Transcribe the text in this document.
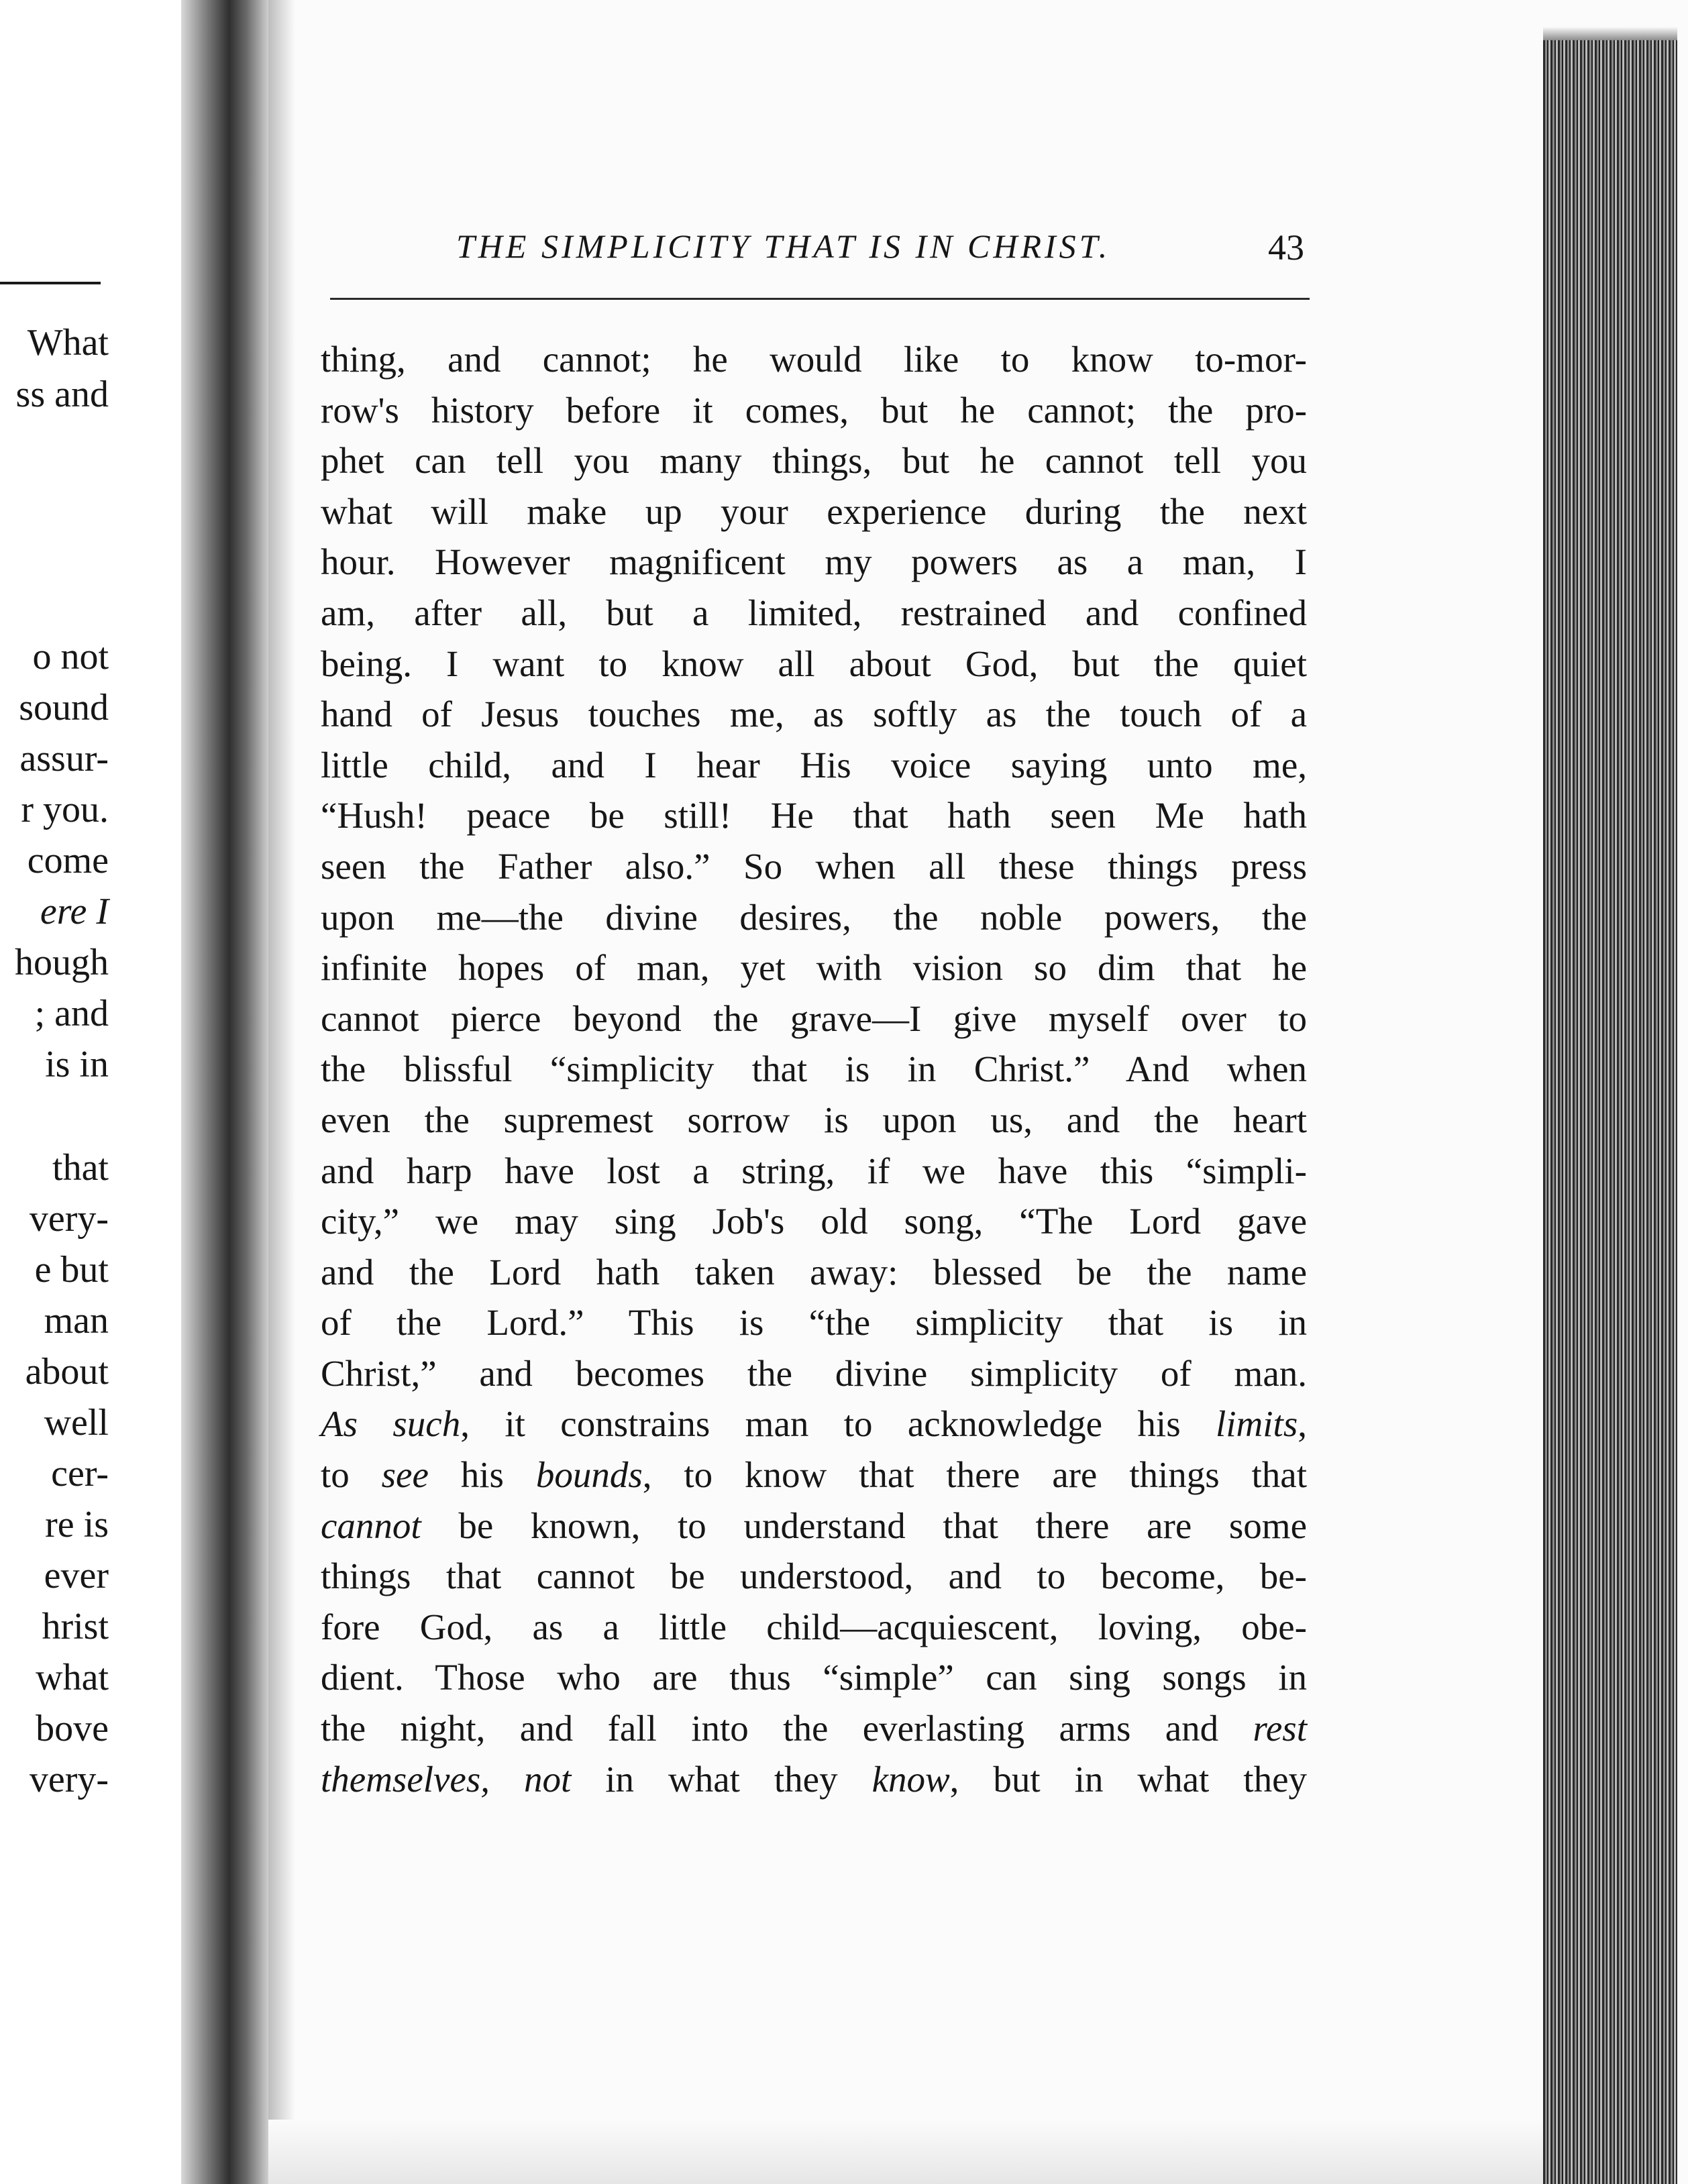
What

ss and

o not

sound

assur-

r you.

come

ere I

hough

; and

is in

that

very-

e but

man

about

well

cer-

re is

ever

hrist

what

bove

very-

THE SIMPLICITY THAT IS IN CHRIST.	43

thing, and cannot; he would like to know to-mor-
row's history before it comes, but he cannot; the pro-
phet can tell you many things, but he cannot tell you
what will make up your experience during the next
hour. However magnificent my powers as a man, I
am, after all, but a limited, restrained and confined
being. I want to know all about God, but the quiet
hand of Jesus touches me, as softly as the touch of a
little child, and I hear His voice saying unto me,
“Hush! peace be still! He that hath seen Me hath
seen the Father also.” So when all these things press
upon me—the divine desires, the noble powers, the
infinite hopes of man, yet with vision so dim that he
cannot pierce beyond the grave—I give myself over to
the blissful “simplicity that is in Christ.” And when
even the supremest sorrow is upon us, and the heart
and harp have lost a string, if we have this “simpli-
city,” we may sing Job's old song, “The Lord gave
and the Lord hath taken away: blessed be the name
of the Lord.” This is “the simplicity that is in
Christ,” and becomes the divine simplicity of man.
As such, it constrains man to acknowledge his limits,
to see his bounds, to know that there are things that
cannot be known, to understand that there are some
things that cannot be understood, and to become, be-
fore God, as a little child—acquiescent, loving, obe-
dient. Those who are thus “simple” can sing songs in
the night, and fall into the everlasting arms and rest
themselves, not in what they know, but in what they
